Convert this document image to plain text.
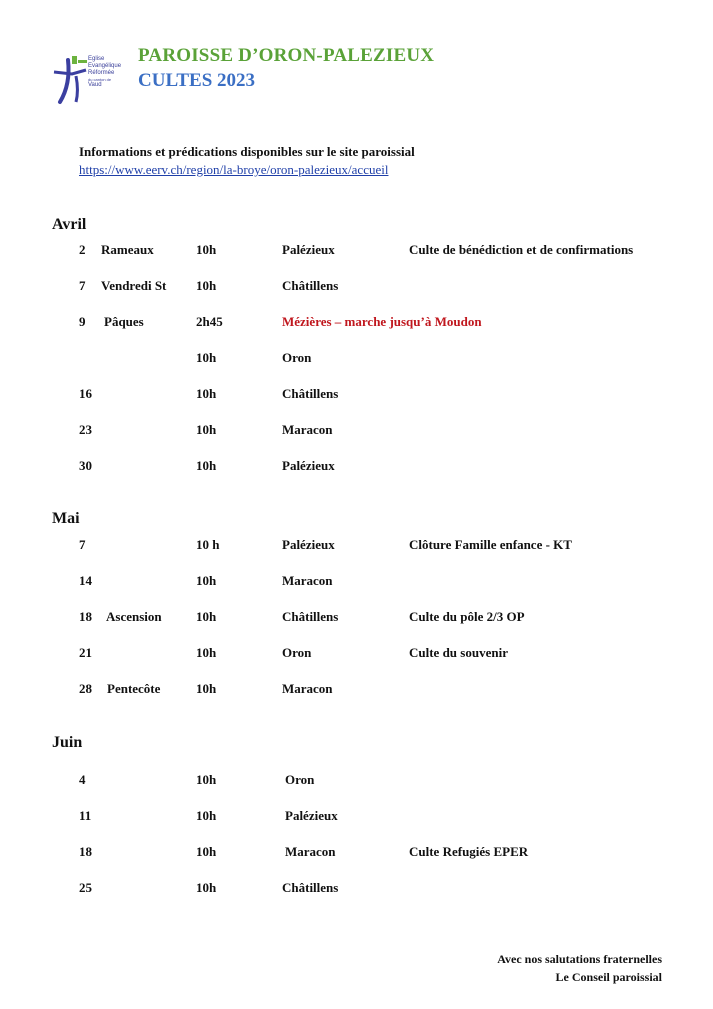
Eglise
Evangélique
Réformée
du canton de
Vaud
PAROISSE D’ORON-PALEZIEUX
CULTES 2023
Informations et prédications disponibles sur le site paroissial
https://www.eerv.ch/region/la-broye/oron-palezieux/accueil
Avril
2 Rameaux	10h	Palézieux	Culte de bénédiction et de confirmations
7 Vendredi St 10h	Châtillens
9 Pâques	2h45	Mézières – marche jusqu’à Moudon
10h	Oron
16	10h	Châtillens
23	10h	Maracon
30	10h	Palézieux
Mai
7	10 h	Palézieux	Clôture Famille enfance - KT
14	10h	Maracon
18 Ascension	10h	Châtillens	Culte du pôle 2/3 OP
21	10h	Oron	Culte du souvenir
28 Pentecôte	10h	Maracon
Juin
4	10h	Oron
11	10h	Palézieux
18	10h	Maracon	Culte Refugiés EPER
25	10h	Châtillens
Avec nos salutations fraternelles
Le Conseil paroissial
